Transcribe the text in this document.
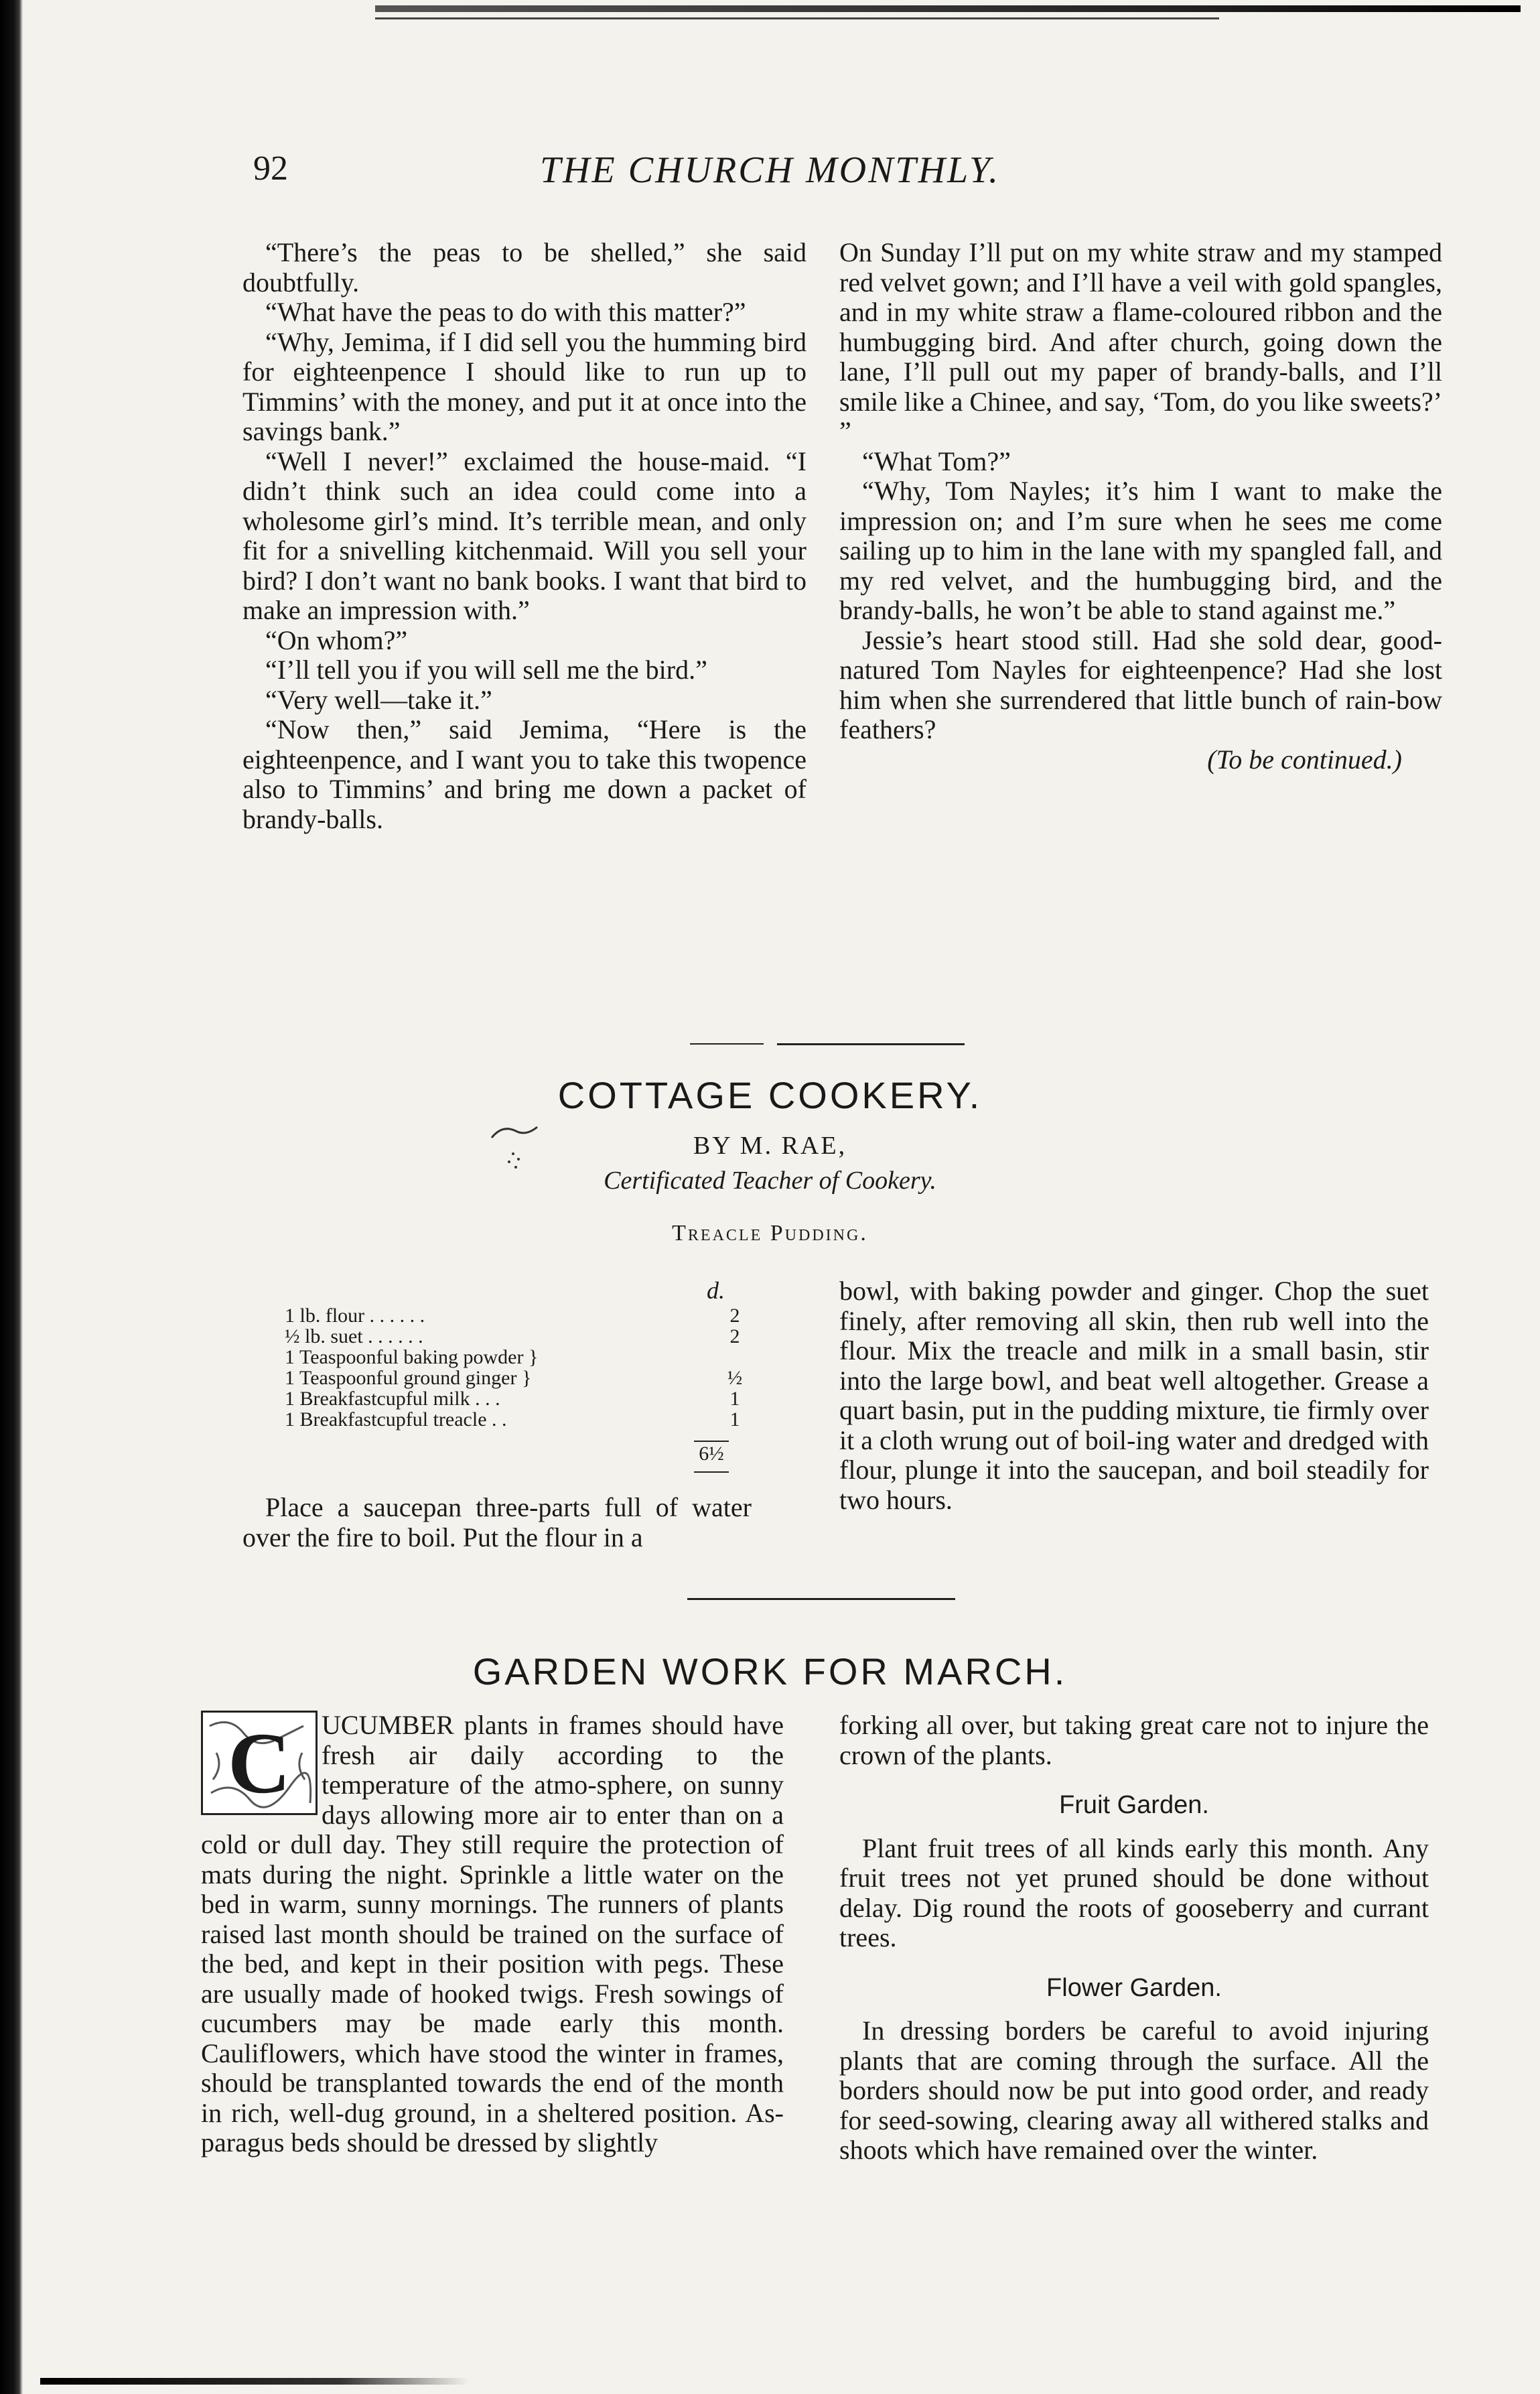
THE CHURCH MONTHLY.
92

“There’s the peas to be shelled,” she said doubtfully.

“What have the peas to do with this matter?”

“Why, Jemima, if I did sell you the humming bird for eighteenpence I should like to run up to Timmins’ with the money, and put it at once into the savings bank.”

“Well I never!” exclaimed the house-maid. “I didn’t think such an idea could come into a wholesome girl’s mind. It’s terrible mean, and only fit for a snivelling kitchenmaid. Will you sell your bird? I don’t want no bank books. I want that bird to make an impression with.”

“On whom?”

“I’ll tell you if you will sell me the bird.”

“Very well—take it.”

“Now then,” said Jemima, “Here is the eighteenpence, and I want you to take this twopence also to Timmins’ and bring me down a packet of brandy-balls.

On Sunday I’ll put on my white straw and my stamped red velvet gown; and I’ll have a veil with gold spangles, and in my white straw a flame-coloured ribbon and the humbugging bird. And after church, going down the lane, I’ll pull out my paper of brandy-balls, and I’ll smile like a Chinee, and say, ‘Tom, do you like sweets?’ ”

“What Tom?”

“Why, Tom Nayles; it’s him I want to make the impression on; and I’m sure when he sees me come sailing up to him in the lane with my spangled fall, and my red velvet, and the humbugging bird, and the brandy-balls, he won’t be able to stand against me.”

Jessie’s heart stood still. Had she sold dear, good-natured Tom Nayles for eighteenpence? Had she lost him when she surrendered that little bunch of rain-bow feathers?

(To be continued.)

COTTAGE COOKERY.
BY M. RAE,
Certificated Teacher of Cookery.
Treacle Pudding.
d.
1 lb. flour . . . . . .	2
½ lb. suet . . . . . .	2
1 Teaspoonful baking powder }
1 Teaspoonful ground ginger }	½
1 Breakfastcupful milk . . .	1
1 Breakfastcupful treacle . .	1
6½

Place a saucepan three-parts full of water over the fire to boil. Put the flour in a

bowl, with baking powder and ginger. Chop the suet finely, after removing all skin, then rub well into the flour. Mix the treacle and milk in a small basin, stir into the large bowl, and beat well altogether. Grease a quart basin, put in the pudding mixture, tie firmly over it a cloth wrung out of boil-ing water and dredged with flour, plunge it into the saucepan, and boil steadily for two hours.

GARDEN WORK FOR MARCH.
C	UCUMBER plants in frames should have fresh air daily according to the temperature of the atmo-sphere, on sunny days allowing more air to enter than on a cold or dull day. They still require the protection of mats during the night. Sprinkle a little water on the bed in warm, sunny mornings. The runners of plants raised last month should be trained on the surface of the bed, and kept in their position with pegs. These are usually made of hooked twigs. Fresh sowings of cucumbers may be made early this month. Cauliflowers, which have stood the winter in frames, should be transplanted towards the end of the month in rich, well-dug ground, in a sheltered position. As-paragus beds should be dressed by slightly

forking all over, but taking great care not to injure the crown of the plants.

Fruit Garden.

Plant fruit trees of all kinds early this month. Any fruit trees not yet pruned should be done without delay. Dig round the roots of gooseberry and currant trees.

Flower Garden.

In dressing borders be careful to avoid injuring plants that are coming through the surface. All the borders should now be put into good order, and ready for seed-sowing, clearing away all withered stalks and shoots which have remained over the winter.
